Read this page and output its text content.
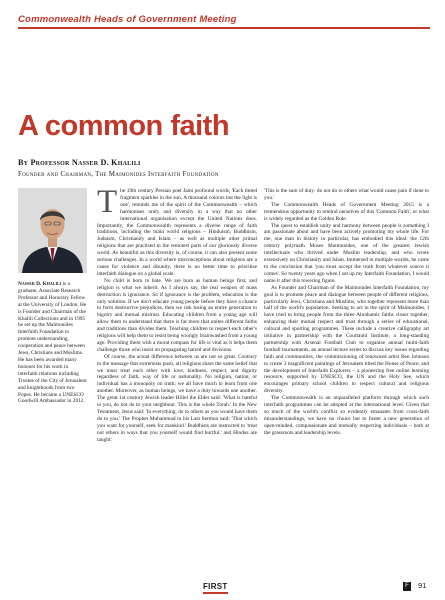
Commonwealth Heads of Government Meeting
A common faith
By Professor Nasser D. Khalili
Founder and Chairman, The Maimonides Interfaith Foundation
Nasser D. Khalili is a graduate, Associate Research Professor and Honorary Fellow at the University of London. He is Founder and Chairman of the Khalili Collections and in 1995 he set up the Maimonides Interfaith Foundation to promote understanding, cooperation and peace between Jews, Christians and Muslims. He has been awarded many honours for his work in interfaith relations including Trustee of the City of Jerusalem and knighthoods from two Popes. He became a UNESCO Goodwill Ambassador in 2012.

The 19th century Persian poet Jami profound words, 'Each tinted fragment sparkles in the sun, A thousand colours but the light is one', reminds me of the spirit of the Commonwealth – which harmonises unity and diversity in a way that no other international organisation except the United Nations does. Importantly, the Commonwealth represents a diverse range of faith traditions, including the main world religions – Hinduism, Buddhism, Judaism, Christianity and Islam – as well as multiple other primal religions that are practised in the remotest parts of our gloriously diverse world. As beautiful as this diversity is, of course, it can also present some serious challenges. In a world where misconceptions about religions are a cause for violence and disunity, there is no better time to prioritise interfaith dialogue on a global scale.

No child is born to hate. We are born as human beings first, and religion is what we inherit. As I always say, the real weapon of mass destruction is ignorance. So if ignorance is the problem, education is the only solution. If we don't educate young people before they have a chance to form destructive prejudices, then we risk losing an entire generation to bigotry and mutual mistrust. Educating children from a young age will allow them to understand that there is far more that unites different faiths and traditions than divides them. Teaching children to respect each other's religions will help them to resist being wrongly brainwashed from a young age. Providing them with a moral compass for life is vital as it helps them challenge those who insist on propagating hatred and divisions.

Of course, the actual difference between us are not so great. Contrary to the message that extremists push, all religions share the same belief that we must treat each other with love, kindness, respect, and dignity regardless of faith, way of life or nationality. No religion, nation, or individual has a monopoly on truth; we all have much to learn from one another. Moreover, as human beings, we have a duty towards one another. The great 1st century Jewish leader Hillel the Elder said: 'What is hateful to you, do not do to your neighbour. This is the whole Torah.' In the New Testament, Jesus said: 'In everything, do to others as you would have them do to you.' The Prophet Muhammad in his Last Sermon said: 'That which you want for yourself, seek for mankind.' Buddhists are instructed to 'treat not others in ways that you yourself would find hurtful.' and Hindus are taught:

'This is the sum of duty: do not do to others what would cause pain if done to you.'

The Commonwealth Heads of Government Meeting 2015 is a tremendous opportunity to remind ourselves of this 'Common Faith', or what is widely regarded as the Golden Rule.

The quest to establish unity and harmony between people is something I am passionate about and have been actively promoting my whole life. For me, one man in history in particular, has embodied this ideal: the 12th century polymath Moses Maimonides, one of the greatest Jewish intellectuals who thrived under Muslim leadership, and who wrote extensively on Christianity and Islam. Immersed in multiple worlds, he came to the conclusion that 'you must accept the truth from whatever source it comes'. So twenty years ago when I set up my Interfaith Foundation, I would name it after this towering figure.

As Founder and Chairman of the Maimonides Interfaith Foundation, my goal is to promote peace and dialogue between people of different religions, particularly Jews, Christians and Muslims, who together represent more than half of the world's population. Seeking to act in the spirit of Maimonides, I have tried to bring people from the three Abrahamic faiths closer together, enhancing their mutual respect and trust through a series of educational, cultural and sporting programmes. These include a creative calligraphy art initiative in partnership with the Courtauld Institute, a long-standing partnership with Arsenal Football Club to organise annual multi-faith football tournaments, an annual lecture series to discuss key issues regarding faith and communities, the commissioning of renowned artist Ben Johnson to create 3 magnificent paintings of Jerusalem titled the House of Peace, and the development of Interfaith Explorers – a pioneering free online learning resource, supported by UNESCO, the UN and the Holy See, which encourages primary school children to respect cultural and religious diversity.

The Commonwealth is an unparalleled platform through which such interfaith programmes can be adopted at the international level. Given that so much of the world's conflict so evidently emanates from cross-faith misunderstandings, we have no choice but to foster a new generation of open-minded, compassionate and mutually respecting individuals – both at the grassroots and leadership levels.

FIRST	F 91
